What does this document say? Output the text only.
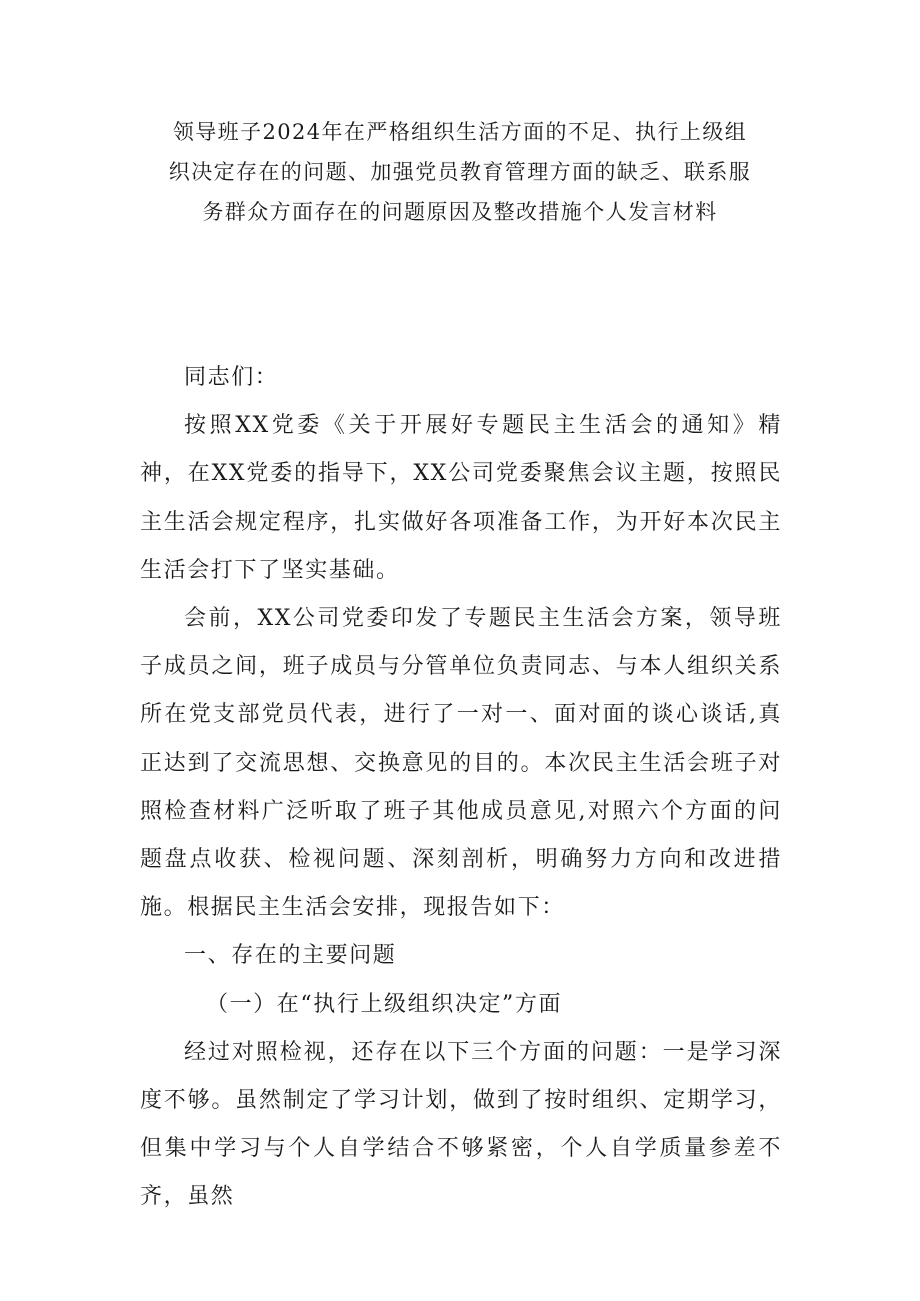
领导班子2024年在严格组织生活方面的不足、执行上级组
织决定存在的问题、加强党员教育管理方面的缺乏、联系服
务群众方面存在的问题原因及整改措施个人发言材料

同志们：

按照XX党委《关于开展好专题民主生活会的通知》精神，在XX党委的指导下，XX公司党委聚焦会议主题，按照民主生活会规定程序，扎实做好各项准备工作，为开好本次民主生活会打下了坚实基础。

会前，XX公司党委印发了专题民主生活会方案，领导班子成员之间，班子成员与分管单位负责同志、与本人组织关系所在党支部党员代表，进行了一对一、面对面的谈心谈话,真正达到了交流思想、交换意见的目的。本次民主生活会班子对照检查材料广泛听取了班子其他成员意见,对照六个方面的问题盘点收获、检视问题、深刻剖析，明确努力方向和改进措施。根据民主生活会安排，现报告如下：

一、存在的主要问题

（一）在“执行上级组织决定”方面

经过对照检视，还存在以下三个方面的问题：一是学习深度不够。虽然制定了学习计划，做到了按时组织、定期学习，但集中学习与个人自学结合不够紧密，个人自学质量参差不齐，虽然
